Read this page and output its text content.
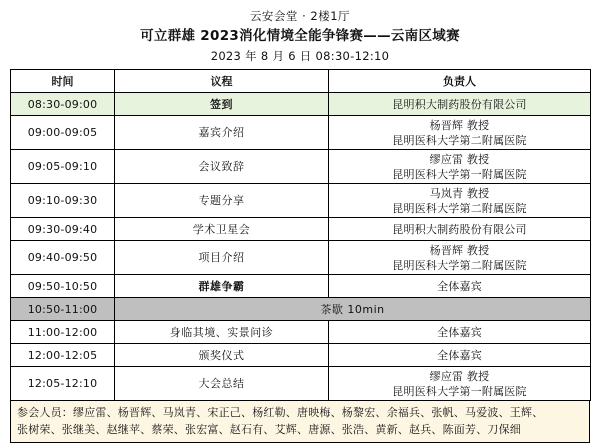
云安会堂 · 2楼1厅
可立群雄 2023消化情境全能争锋赛——云南区域赛
2023 年 8 月 6 日 08:30-12:10
时间	议程	负责人
08:30-09:00	签到	昆明积大制药股份有限公司

09:00-09:05	嘉宾介绍	杨晋辉 教授
昆明医科大学第二附属医院

09:05-09:10	会议致辞	缪应雷 教授
昆明医科大学第一附属医院

09:10-09:30	专题分享	马岚青 教授
昆明医科大学第二附属医院

09:30-09:40	学术卫星会	昆明积大制药股份有限公司

09:40-09:50	项目介绍	杨晋辉 教授
昆明医科大学第二附属医院

09:50-10:50	群雄争霸	全体嘉宾

10:50-11:00	茶歇 10min	
11:00-12:00	身临其境、实景问诊	全体嘉宾

12:00-12:05	颁奖仪式	全体嘉宾

12:05-12:10	大会总结	缪应雷 教授
昆明医科大学第一附属医院
参会人员：缪应雷、杨晋辉、马岚青、宋正己、杨红勒、唐映梅、杨黎宏、余福兵、张帆、马爱波、王辉、
张树荣、张继美、赵继苹、蔡荣、张宏富、赵石有、艾辉、唐源、张浩、黄新、赵兵、陈面芳、刀保细
